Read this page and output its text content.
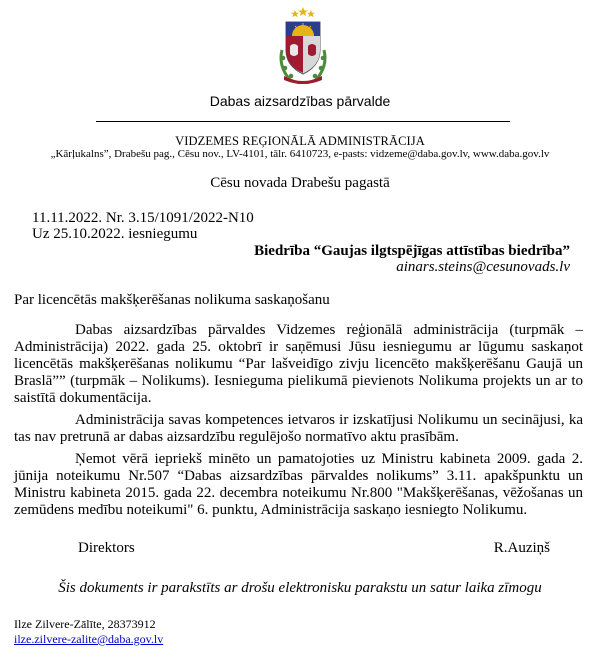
Dabas aizsardzības pārvalde
VIDZEMES REĢIONĀLĀ ADMINISTRĀCIJA
„Kārļukalns”, Drabešu pag., Cēsu nov., LV-4101, tālr. 6410723, e-pasts: vidzeme@daba.gov.lv, www.daba.gov.lv
Cēsu novada Drabešu pagastā
11.11.2022. Nr. 3.15/1091/2022-N10
Uz 25.10.2022. iesniegumu
Biedrība “Gaujas ilgtspējīgas attīstības biedrība”
ainars.steins@cesunovads.lv
Par licencētās makšķerēšanas nolikuma saskaņošanu

Dabas aizsardzības pārvaldes Vidzemes reģionālā administrācija (turpmāk – Administrācija) 2022. gada 25. oktobrī ir saņēmusi Jūsu iesniegumu ar lūgumu saskaņot licencētās makšķerēšanas nolikumu “Par lašveidīgo zivju licencēto makšķerēšanu Gaujā un Braslā”” (turpmāk – Nolikums). Iesnieguma pielikumā pievienots Nolikuma projekts un ar to saistītā dokumentācija.

Administrācija savas kompetences ietvaros ir izskatījusi Nolikumu un secinājusi, ka tas nav pretrunā ar dabas aizsardzību regulējošo normatīvo aktu prasībām.

Ņemot vērā iepriekš minēto un pamatojoties uz Ministru kabineta 2009. gada 2. jūnija noteikumu Nr.507 “Dabas aizsardzības pārvaldes nolikums” 3.11. apakšpunktu un Ministru kabineta 2015. gada 22. decembra noteikumu Nr.800 "Makšķerēšanas, vēžošanas un zemūdens medību noteikumi" 6. punktu, Administrācija saskaņo iesniegto Nolikumu.

Direktors	R.Auziņš
Šis dokuments ir parakstīts ar drošu elektronisku parakstu un satur laika zīmogu
Ilze Zilvere-Zālīte, 28373912
ilze.zilvere-zalite@daba.gov.lv
